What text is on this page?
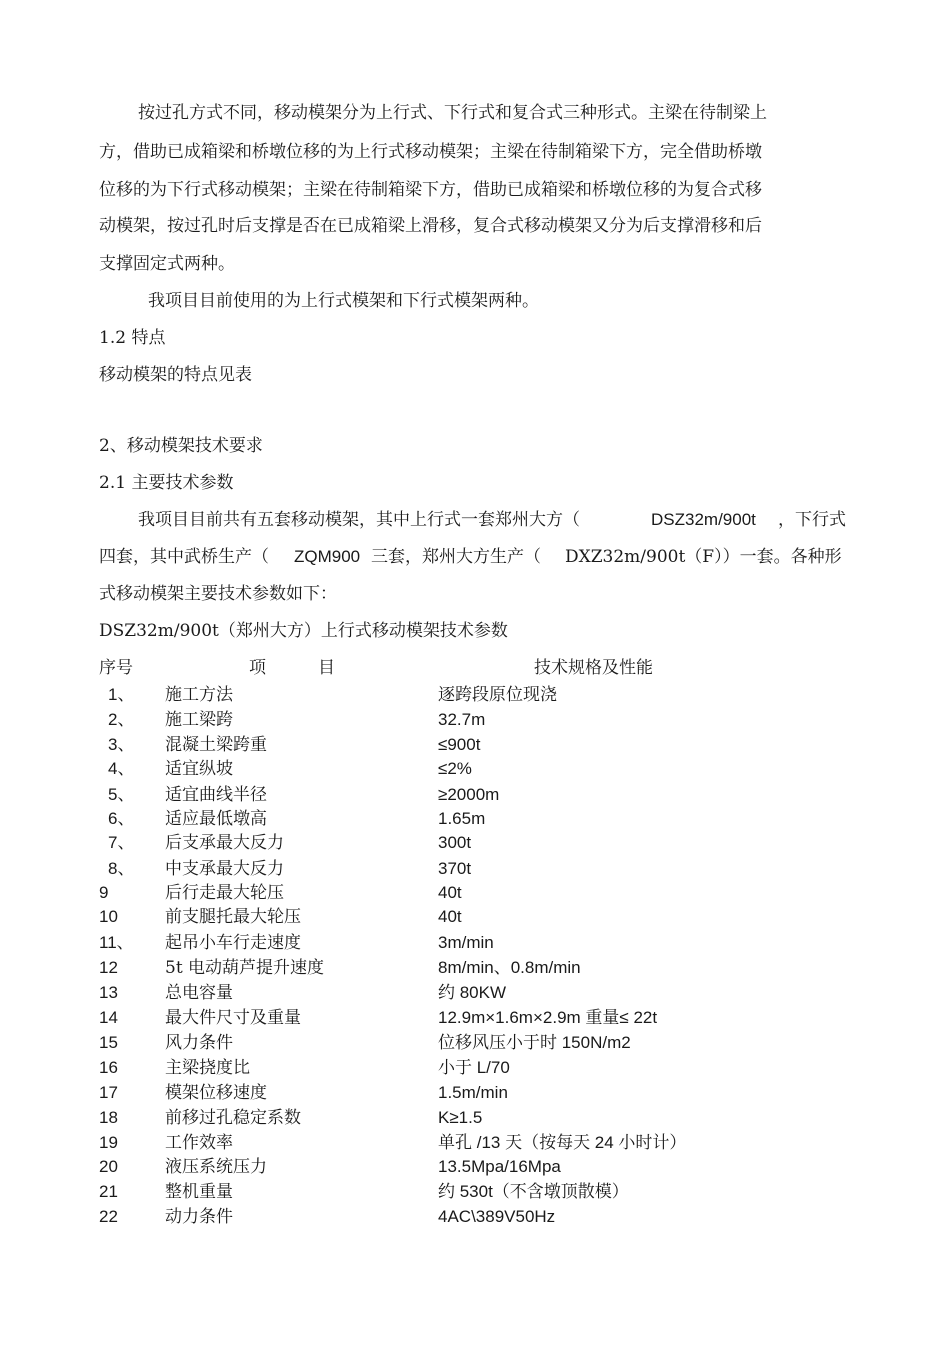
按过孔方式不同，移动模架分为上行式、下行式和复合式三种形式。主梁在待制梁上
方，借助已成箱梁和桥墩位移的为上行式移动模架；主梁在待制箱梁下方，完全借助桥墩
位移的为下行式移动模架；主梁在待制箱梁下方，借助已成箱梁和桥墩位移的为复合式移
动模架，按过孔时后支撑是否在已成箱梁上滑移，复合式移动模架又分为后支撑滑移和后
支撑固定式两种。
我项目目前使用的为上行式模架和下行式模架两种。
1.2 特点
移动模架的特点见表
2、移动模架技术要求
2.1 主要技术参数
我项目目前共有五套移动模架，其中上行式一套郑州大方（	DSZ32m/900t ，下行式
四套，其中武桥生产（ ZQM900 三套，郑州大方生产（ DXZ32m/900t（F））一套。各种形
式移动模架主要技术参数如下：
DSZ32m/900t（郑州大方）上行式移动模架技术参数
序号	项	目	技术规格及性能
1、 施工方法	逐跨段原位现浇
2、 施工梁跨	32.7m
3、 混凝土梁跨重	≤900t
4、 适宜纵坡	≤2%
5、 适宜曲线半径	≥2000m
6、 适应最低墩高	1.65m
7、 后支承最大反力	300t
8、 中支承最大反力	370t
9	后行走最大轮压	40t
10	前支腿托最大轮压	40t
11、 起吊小车行走速度	3m/min
12	5t 电动葫芦提升速度	8m/min、0.8m/min
13	总电容量	约 80KW
14	最大件尺寸及重量	12.9m×1.6m×2.9m 重量≤ 22t
15	风力条件	位移风压小于时 150N/m2
16	主梁挠度比	小于 L/70
17	模架位移速度	1.5m/min
18	前移过孔稳定系数	K≥1.5
19	工作效率	单孔 /13 天（按每天 24 小时计）
20	液压系统压力	13.5Mpa/16Mpa
21	整机重量	约 530t（不含墩顶散模）
22	动力条件	4AC\389V50Hz
